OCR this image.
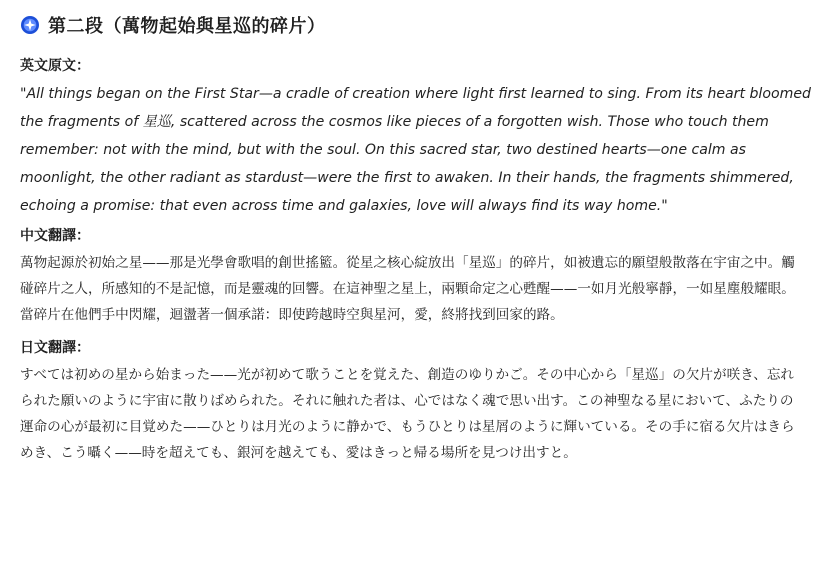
第二段（萬物起始與星巡的碎片）
英文原文：
"All things began on the First Star—a cradle of creation where light first learned to sing. From its heart bloomed the fragments of 星巡, scattered across the cosmos like pieces of a forgotten wish. Those who touch them remember: not with the mind, but with the soul. On this sacred star, two destined hearts—one calm as moonlight, the other radiant as stardust—were the first to awaken. In their hands, the fragments shimmered, echoing a promise: that even across time and galaxies, love will always find its way home."
中文翻譯：
萬物起源於初始之星——那是光學會歌唱的創世搖籃。從星之核心綻放出「星巡」的碎片，如被遺忘的願望般散落在宇宙之中。觸碰碎片之人，所感知的不是記憶，而是靈魂的回響。在這神聖之星上，兩顆命定之心甦醒——一如月光般寧靜，一如星塵般耀眼。當碎片在他們手中閃耀，迴盪著一個承諾：即使跨越時空與星河，愛，終將找到回家的路。
日文翻譯：
すべては初めの星から始まった——光が初めて歌うことを覚えた、創造のゆりかご。その中心から「星巡」の欠片が咲き、忘れられた願いのように宇宙に散りばめられた。それに触れた者は、心ではなく魂で思い出す。この神聖なる星において、ふたりの運命の心が最初に目覚めた——ひとりは月光のように静かで、もうひとりは星屑のように輝いている。その手に宿る欠片はきらめき、こう囁く——時を超えても、銀河を越えても、愛はきっと帰る場所を見つけ出すと。
